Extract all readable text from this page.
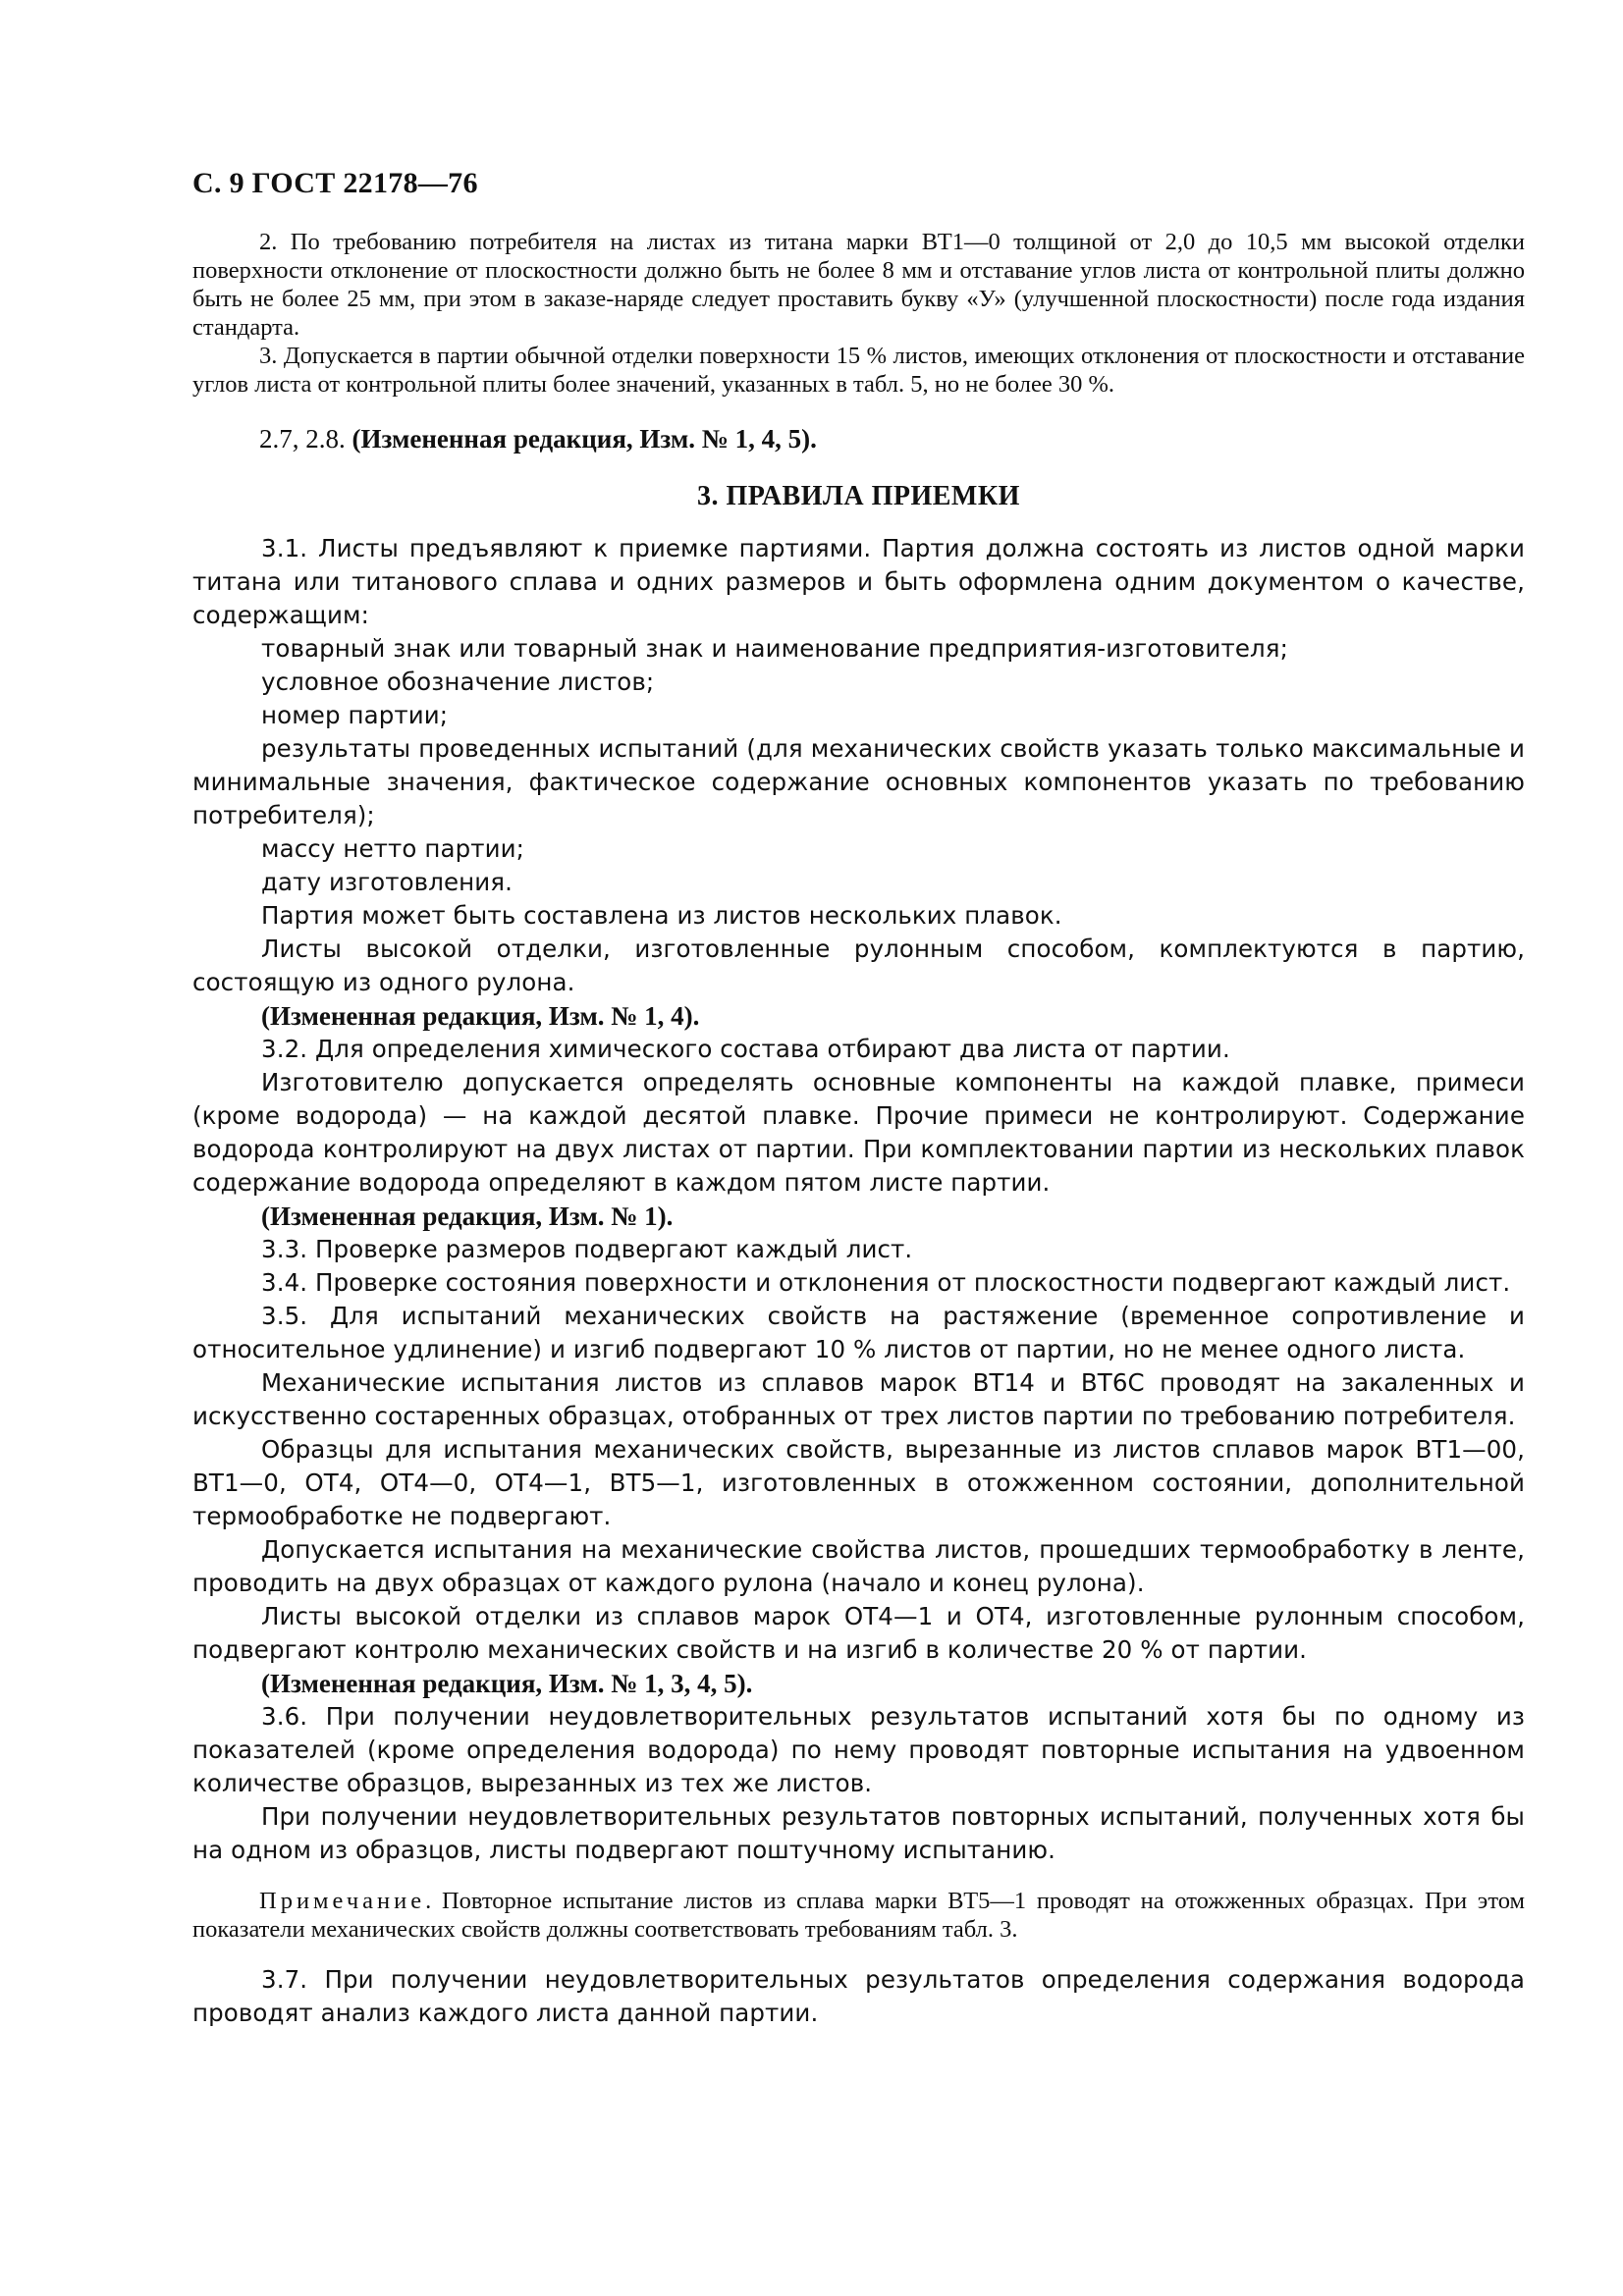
С. 9 ГОСТ 22178—76

2. По требованию потребителя на листах из титана марки ВТ1—0 толщиной от 2,0 до 10,5 мм высокой отделки поверхности отклонение от плоскостности должно быть не более 8 мм и отставание углов листа от контрольной плиты должно быть не более 25 мм, при этом в заказе-наряде следует проставить букву «У» (улучшенной плоскостности) после года издания стандарта.

3. Допускается в партии обычной отделки поверхности 15 % листов, имеющих отклонения от плоскостности и отставание углов листа от контрольной плиты более значений, указанных в табл. 5, но не более 30 %.

2.7, 2.8. (Измененная редакция, Изм. № 1, 4, 5).

3. ПРАВИЛА ПРИЕМКИ

3.1. Листы предъявляют к приемке партиями. Партия должна состоять из листов одной марки титана или титанового сплава и одних размеров и быть оформлена одним документом о качестве, содержащим:

товарный знак или товарный знак и наименование предприятия-изготовителя;

условное обозначение листов;

номер партии;

результаты проведенных испытаний (для механических свойств указать только максимальные и минимальные значения, фактическое содержание основных компонентов указать по требованию потребителя);

массу нетто партии;

дату изготовления.

Партия может быть составлена из листов нескольких плавок.

Листы высокой отделки, изготовленные рулонным способом, комплектуются в партию, состоящую из одного рулона.

(Измененная редакция, Изм. № 1, 4).

3.2. Для определения химического состава отбирают два листа от партии.

Изготовителю допускается определять основные компоненты на каждой плавке, примеси (кроме водорода) — на каждой десятой плавке. Прочие примеси не контролируют. Содержание водорода контролируют на двух листах от партии. При комплектовании партии из нескольких плавок содержание водорода определяют в каждом пятом листе партии.

(Измененная редакция, Изм. № 1).

3.3. Проверке размеров подвергают каждый лист.

3.4. Проверке состояния поверхности и отклонения от плоскостности подвергают каждый лист.

3.5. Для испытаний механических свойств на растяжение (временное сопротивление и относительное удлинение) и изгиб подвергают 10 % листов от партии, но не менее одного листа.

Механические испытания листов из сплавов марок ВТ14 и ВТ6С проводят на закаленных и искусственно состаренных образцах, отобранных от трех листов партии по требованию потребителя.

Образцы для испытания механических свойств, вырезанные из листов сплавов марок ВТ1—00, ВТ1—0, ОТ4, ОТ4—0, ОТ4—1, ВТ5—1, изготовленных в отожженном состоянии, дополнительной термообработке не подвергают.

Допускается испытания на механические свойства листов, прошедших термообработку в ленте, проводить на двух образцах от каждого рулона (начало и конец рулона).

Листы высокой отделки из сплавов марок ОТ4—1 и ОТ4, изготовленные рулонным способом, подвергают контролю механических свойств и на изгиб в количестве 20 % от партии.

(Измененная редакция, Изм. № 1, 3, 4, 5).

3.6. При получении неудовлетворительных результатов испытаний хотя бы по одному из показателей (кроме определения водорода) по нему проводят повторные испытания на удвоенном количестве образцов, вырезанных из тех же листов.

При получении неудовлетворительных результатов повторных испытаний, полученных хотя бы на одном из образцов, листы подвергают поштучному испытанию.

Примечание. Повторное испытание листов из сплава марки ВТ5—1 проводят на отожженных образцах. При этом показатели механических свойств должны соответствовать требованиям табл. 3.

3.7. При получении неудовлетворительных результатов определения содержания водорода проводят анализ каждого листа данной партии.
